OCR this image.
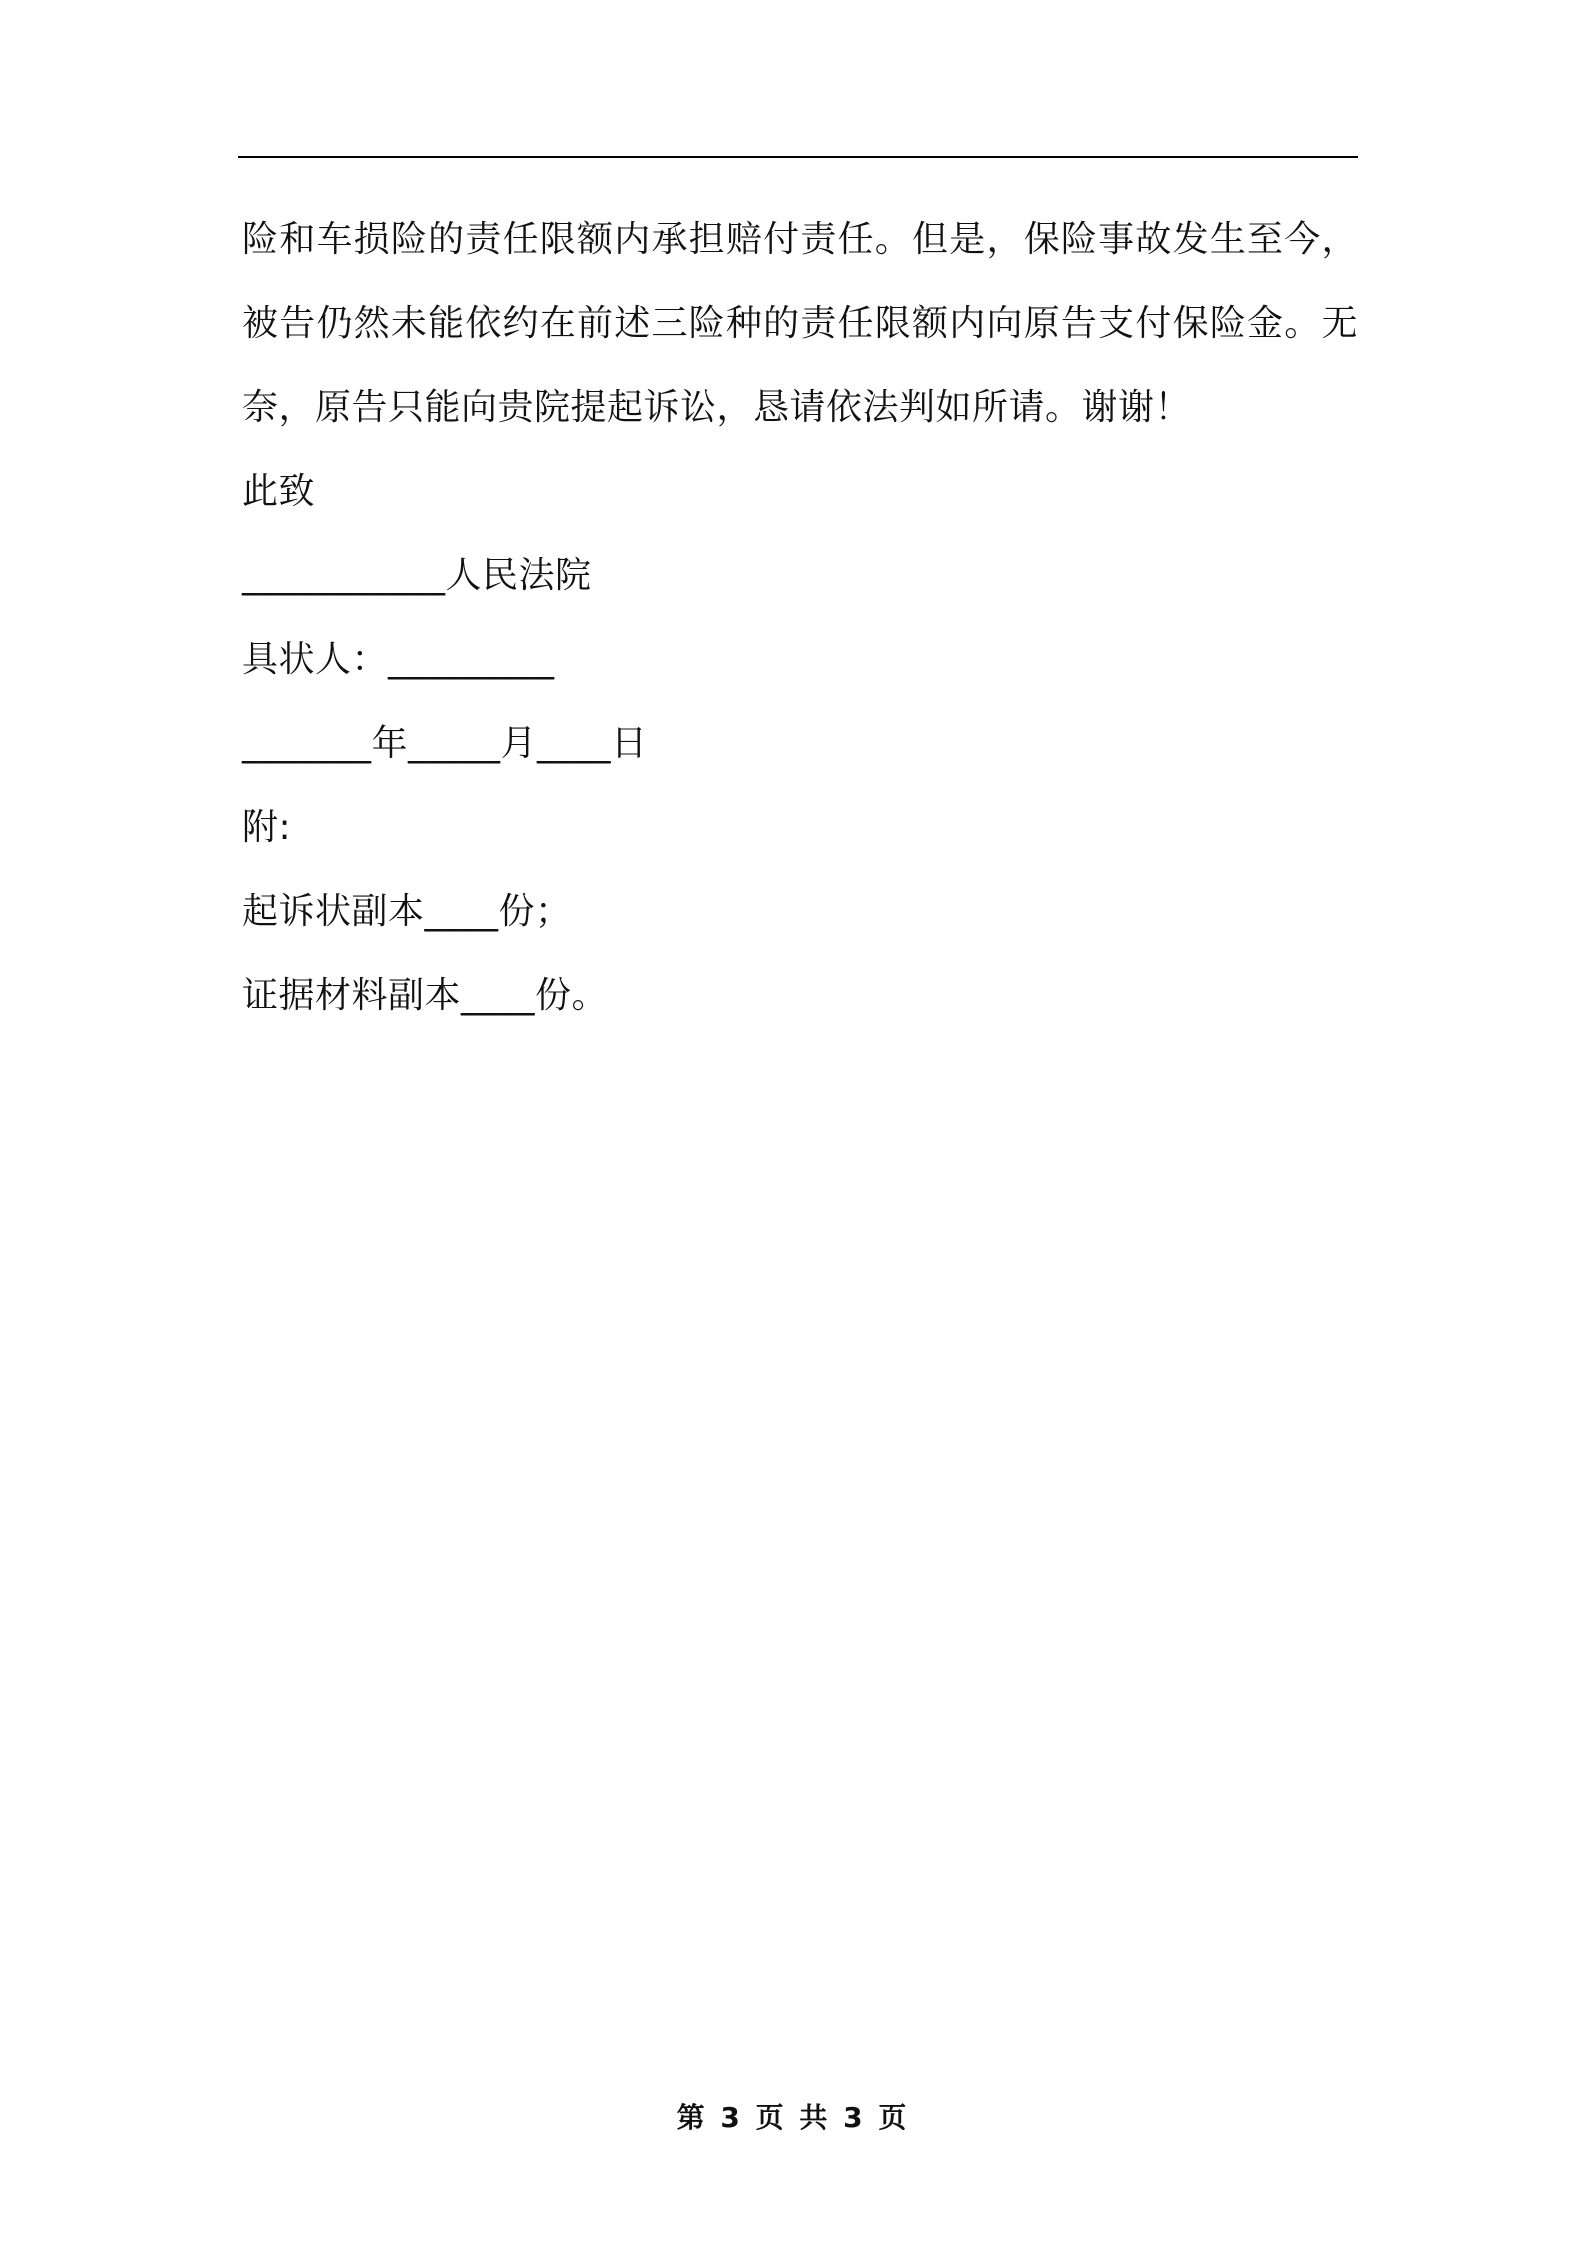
险和车损险的责任限额内承担赔付责任。但是，保险事故发生至今，
被告仍然未能依约在前述三险种的责任限额内向原告支付保险金。无
奈，原告只能向贵院提起诉讼，恳请依法判如所请。谢谢！
此致
___________人民法院
具状人：_________
_______年_____月____日
附:
起诉状副本____份；
证据材料副本____份。
第 3 页 共 3 页
